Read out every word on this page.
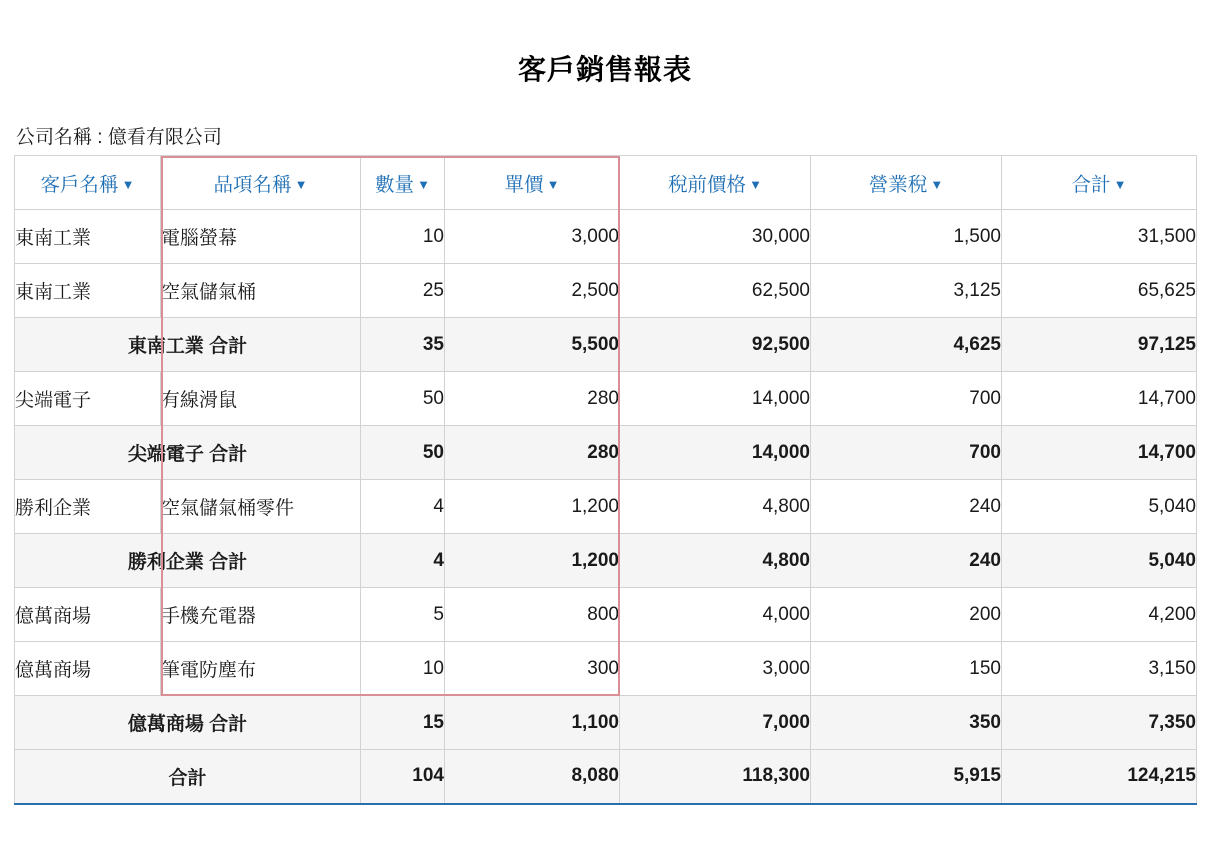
客戶銷售報表
公司名稱 : 億看有限公司
客戶名稱 ▼	品項名稱 ▼	數量 ▼	單價 ▼	稅前價格 ▼	營業稅 ▼	合計 ▼
東南工業	電腦螢幕	10	3,000	30,000	1,500	31,500
東南工業	空氣儲氣桶	25	2,500	62,500	3,125	65,625
東南工業 合計		35	5,500	92,500	4,625	97,125
尖端電子	有線滑鼠	50	280	14,000	700	14,700
尖端電子 合計		50	280	14,000	700	14,700
勝利企業	空氣儲氣桶零件	4	1,200	4,800	240	5,040
勝利企業 合計		4	1,200	4,800	240	5,040
億萬商場	手機充電器	5	800	4,000	200	4,200
億萬商場	筆電防塵布	10	300	3,000	150	3,150
億萬商場 合計		15	1,100	7,000	350	7,350
合計		104	8,080	118,300	5,915	124,215
